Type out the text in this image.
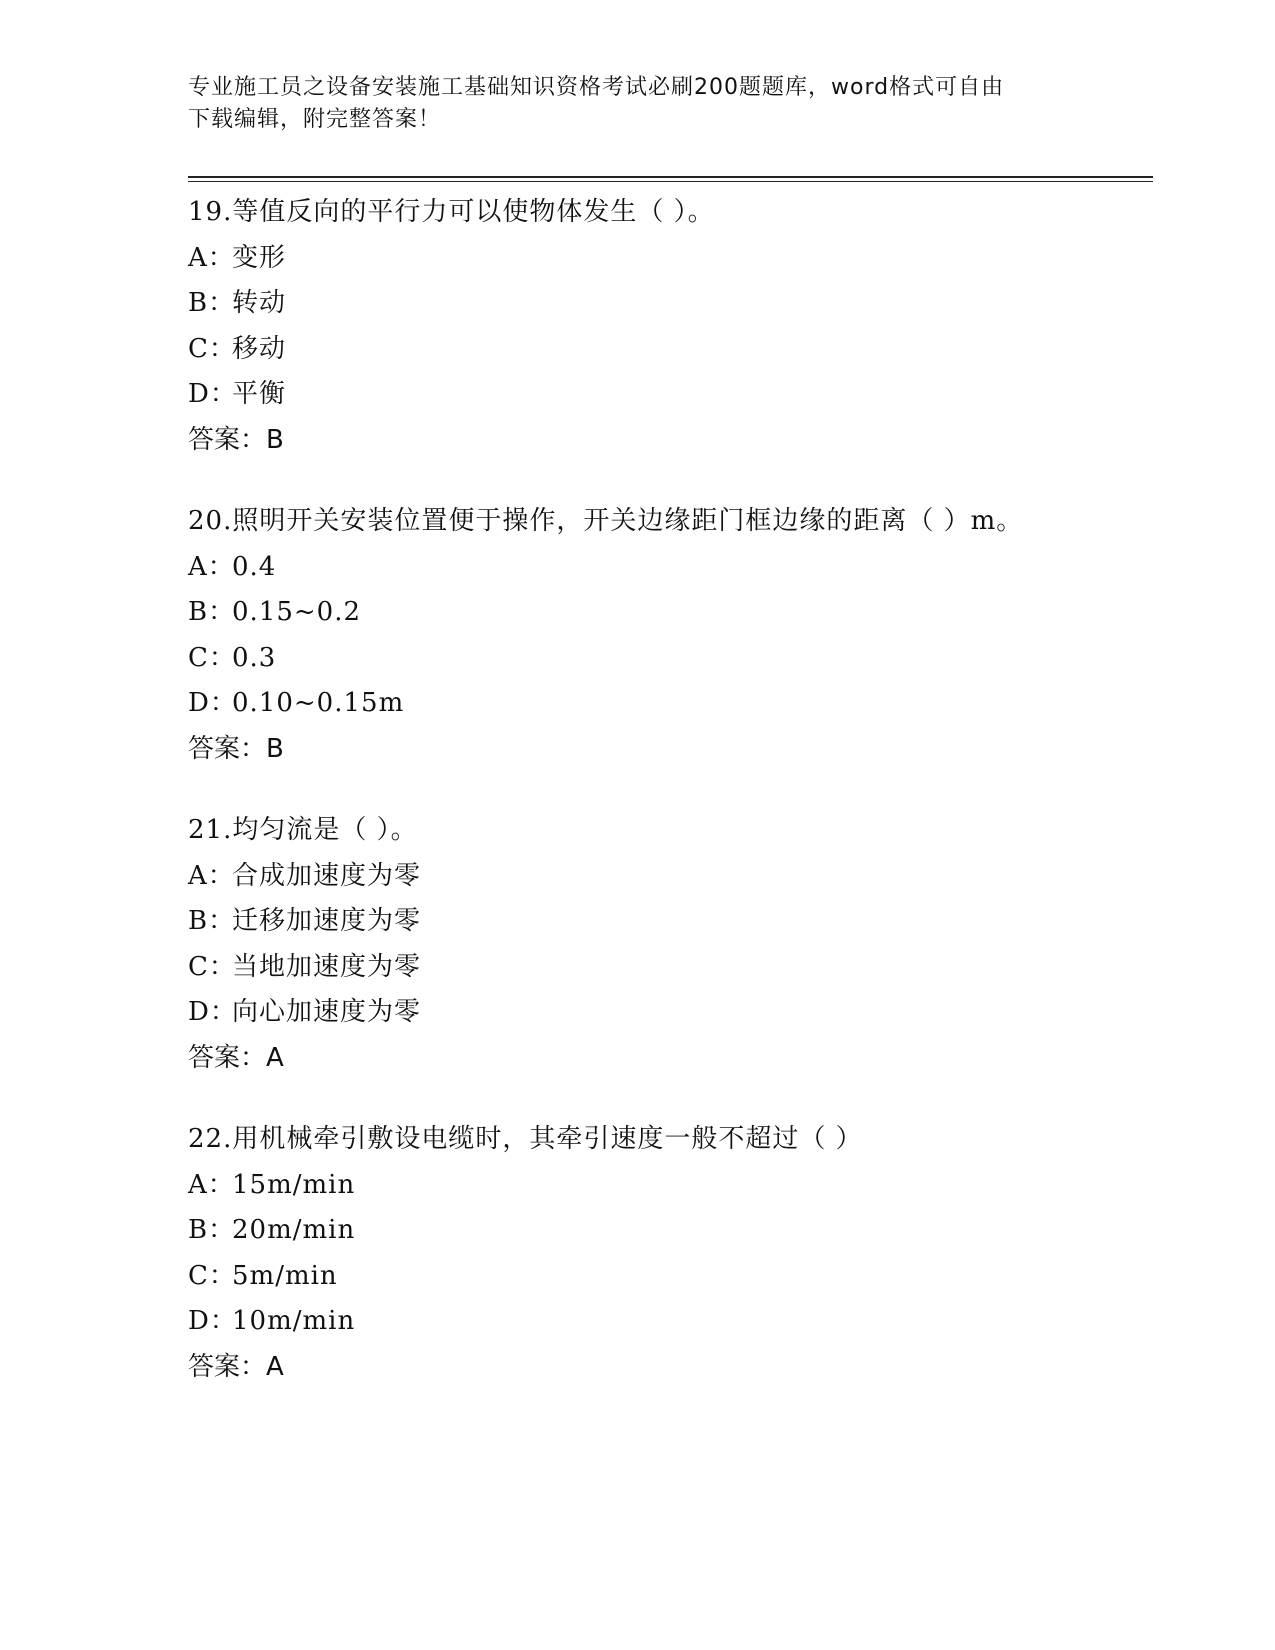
专业施工员之设备安装施工基础知识资格考试必刷200题题库，word格式可自由
下载编辑，附完整答案！
19.等值反向的平行力可以使物体发生（ ）。
A：变形
B：转动
C：移动
D：平衡
答案：B
20.照明开关安装位置便于操作，开关边缘距门框边缘的距离（ ）m。
A：0.4
B：0.15~0.2
C：0.3
D：0.10~0.15m
答案：B
21.均匀流是（ ）。
A：合成加速度为零
B：迁移加速度为零
C：当地加速度为零
D：向心加速度为零
答案：A
22.用机械牵引敷设电缆时，其牵引速度一般不超过（ ）
A：15m/min
B：20m/min
C：5m/min
D：10m/min
答案：A
